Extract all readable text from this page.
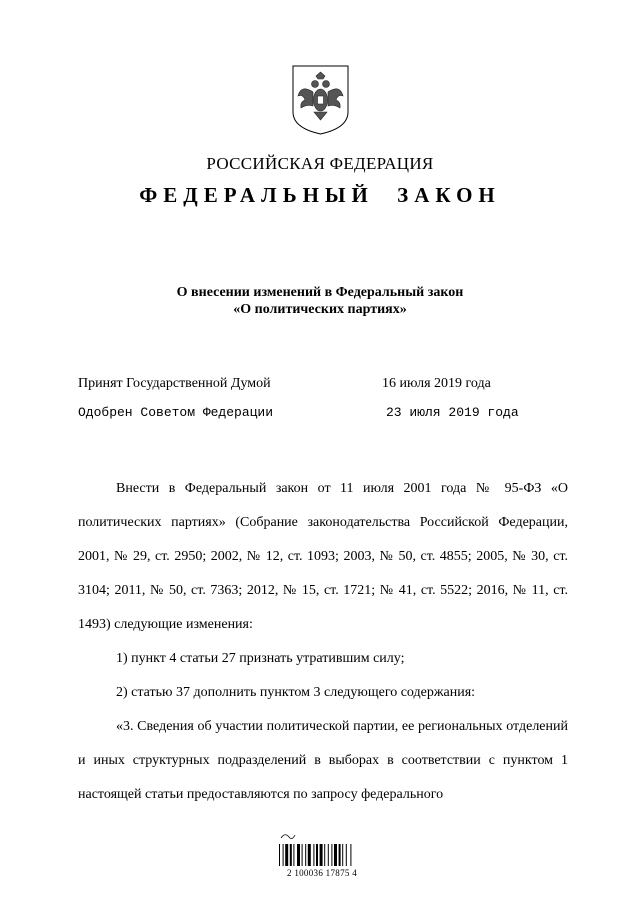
РОССИЙСКАЯ ФЕДЕРАЦИЯ
ФЕДЕРАЛЬНЫЙ ЗАКОН
О внесении изменений в Федеральный закон
«О политических партиях»
Принят Государственной Думой	16 июля 2019 года
Одобрен Советом Федерации	23 июля 2019 года

Внести в Федеральный закон от 11 июля 2001 года № 95-ФЗ «О политических партиях» (Собрание законодательства Российской Федерации, 2001, № 29, ст. 2950; 2002, № 12, ст. 1093; 2003, № 50, ст. 4855; 2005, № 30, ст. 3104; 2011, № 50, ст. 7363; 2012, № 15, ст. 1721; № 41, ст. 5522; 2016, № 11, ст. 1493) следующие изменения:

1) пункт 4 статьи 27 признать утратившим силу;

2) статью 37 дополнить пунктом 3 следующего содержания:

«3. Сведения об участии политической партии, ее региональных отделений и иных структурных подразделений в выборах в соответствии с пунктом 1 настоящей статьи предоставляются по запросу федерального

2 100036 17875 4
